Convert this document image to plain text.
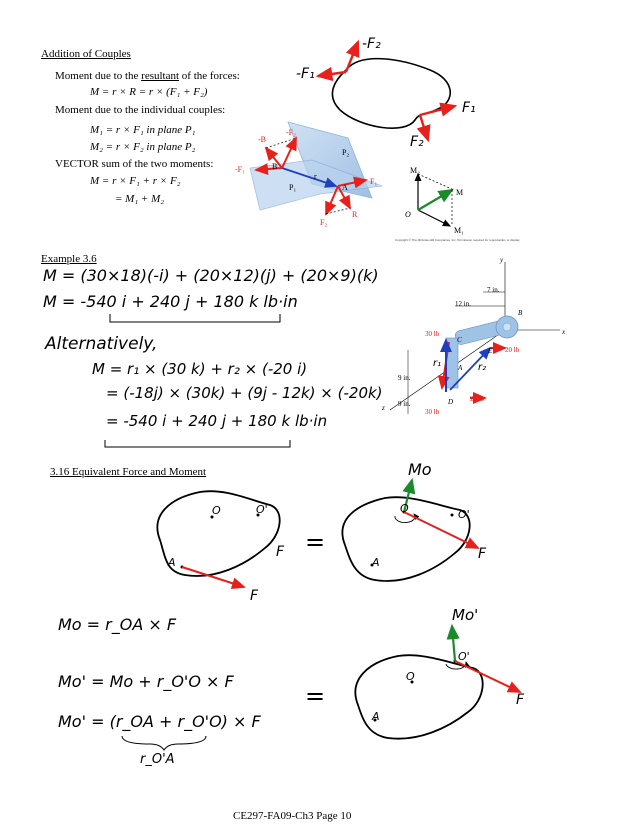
Addition of Couples
Moment due to the resultant of the forces:
M = r × R = r × (F₁ + F₂)
Moment due to the individual couples:
M₁ = r × F₁ in plane P₁
M₂ = r × F₂ in plane P₂
VECTOR sum of the two moments:
M = r × F₁ + r × F₂
= M₁ + M₂
-F₂
-F₁
F₁
F₂
-B
-F₂
P₂
-F₁	B
r
P₁	A
F₁
R
F₂
M₂
M
O
M₁
Copyright © The McGraw-Hill Companies, Inc. Permission required for reproduction or display.
Example 3.6
M = (30×18)(-i) + (20×12)(j) + (20×9)(k)
M = -540 i + 240 j + 180 k lb·in
Alternatively,
M = r₁ × (30 k) + r₂ × (-20 i)
= (-18j) × (30k) + (9j - 12k) × (-20k)
= -540 i + 240 j + 180 k lb·in
y
7 in.
12 in.
B
x
C
E
30 lb
20 lb
r₁	r₂
A
9 in.
9 in.	D 20 lb
30 lb
z
3.16 Equivalent Force and Moment
O	O'
A
F
F
=
Mo
O	O'
A
F
Mo = r_OA × F
Mo' = Mo + r_O'O × F
Mo' = (r_OA + r_O'O) × F
r_O'A
=
Mo'
O
O'
A
F
CE297-FA09-Ch3 Page 10
